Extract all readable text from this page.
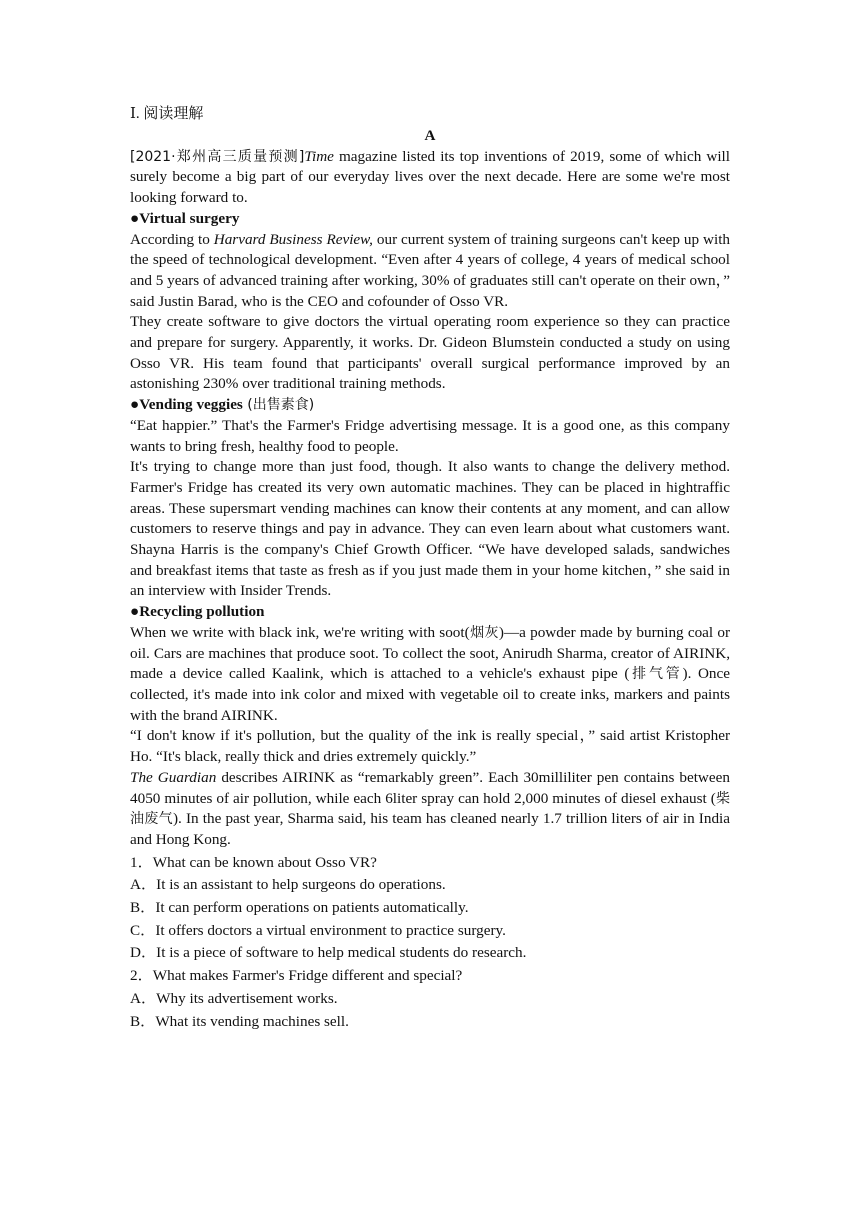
Ⅰ. 阅读理解

A

[2021·郑州高三质量预测]Time magazine listed its top inventions of 2019, some of which will surely become a big part of our everyday lives over the next decade. Here are some we're most looking forward to.

●Virtual surgery

According to Harvard Business Review, our current system of training surgeons can't keep up with the speed of technological development. “Even after 4 years of college, 4 years of medical school and 5 years of advanced training after working, 30% of graduates still can't operate on their own，” said Justin Barad, who is the CEO and cofounder of Osso VR.

They create software to give doctors the virtual operating room experience so they can practice and prepare for surgery. Apparently, it works. Dr. Gideon Blumstein conducted a study on using Osso VR. His team found that participants' overall surgical performance improved by an astonishing 230% over traditional training methods.

●Vending veggies (出售素食)

“Eat happier.” That's the Farmer's Fridge advertising message. It is a good one, as this company wants to bring fresh, healthy food to people.

It's trying to change more than just food, though. It also wants to change the delivery method. Farmer's Fridge has created its very own automatic machines. They can be placed in hightraffic areas. These supersmart vending machines can know their contents at any moment, and can allow customers to reserve things and pay in advance. They can even learn about what customers want. Shayna Harris is the company's Chief Growth Officer. “We have developed salads, sandwiches and breakfast items that taste as fresh as if you just made them in your home kitchen，” she said in an interview with Insider Trends.

●Recycling pollution

When we write with black ink, we're writing with soot(烟灰)—a powder made by burning coal or oil. Cars are machines that produce soot. To collect the soot, Anirudh Sharma, creator of AIRINK, made a device called Kaalink, which is attached to a vehicle's exhaust pipe (排气管). Once collected, it's made into ink color and mixed with vegetable oil to create inks, markers and paints with the brand AIRINK.

“I don't know if it's pollution, but the quality of the ink is really special，” said artist Kristopher Ho. “It's black, really thick and dries extremely quickly.”

The Guardian describes AIRINK as “remarkably green”. Each 30milliliter pen contains between 4050 minutes of air pollution, while each 6liter spray can hold 2,000 minutes of diesel exhaust (柴油废气). In the past year, Sharma said, his team has cleaned nearly 1.7 trillion liters of air in India and Hong Kong.

1．What can be known about Osso VR?

A．It is an assistant to help surgeons do operations.

B．It can perform operations on patients automatically.

C．It offers doctors a virtual environment to practice surgery.

D．It is a piece of software to help medical students do research.

2．What makes Farmer's Fridge different and special?

A．Why its advertisement works.

B．What its vending machines sell.
